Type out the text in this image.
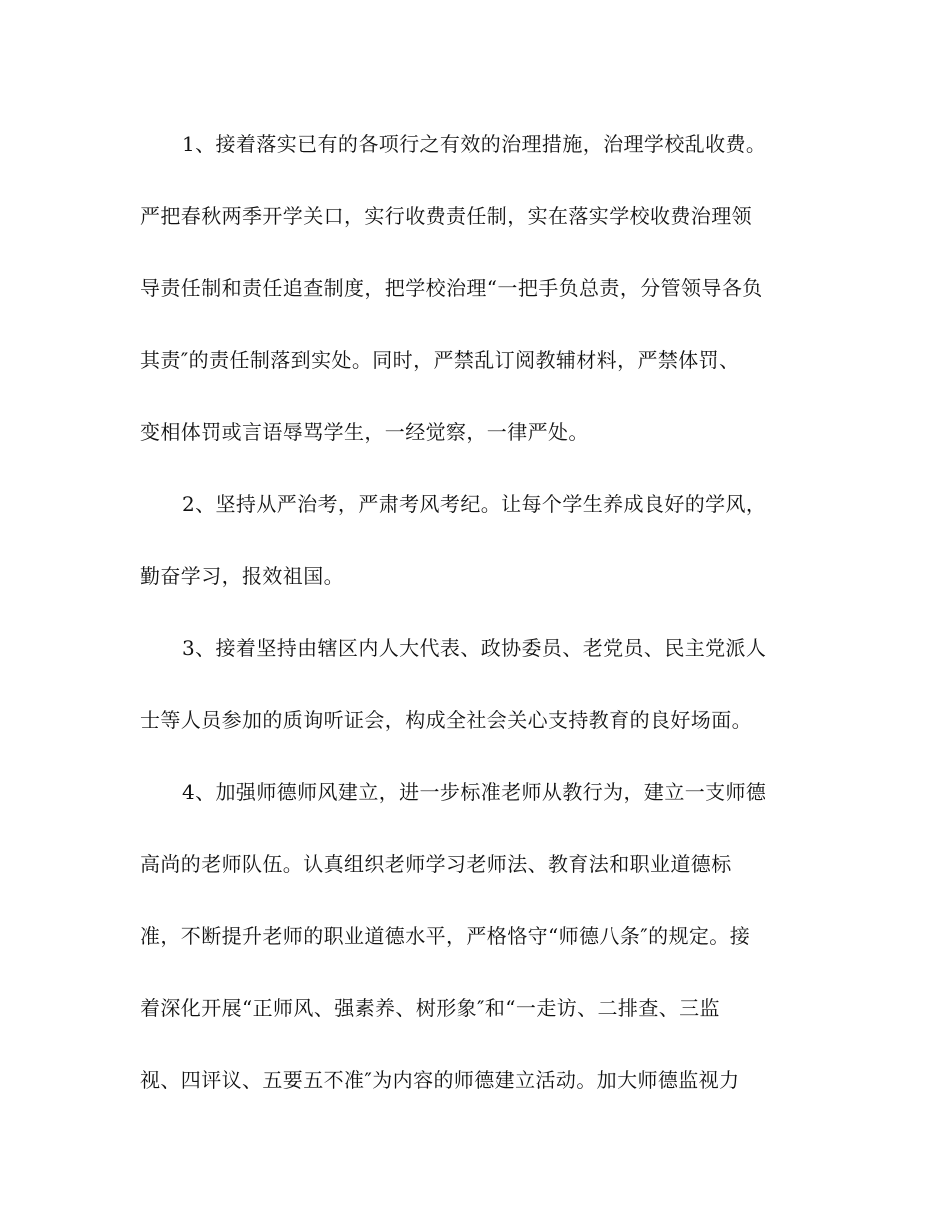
1、接着落实已有的各项行之有效的治理措施，治理学校乱收费。
严把春秋两季开学关口，实行收费责任制，实在落实学校收费治理领
导责任制和责任追查制度，把学校治理“一把手负总责，分管领导各负
其责″的责任制落到实处。同时，严禁乱订阅教辅材料，严禁体罚、
变相体罚或言语辱骂学生，一经觉察，一律严处。
2、坚持从严治考，严肃考风考纪。让每个学生养成良好的学风，
勤奋学习，报效祖国。
3、接着坚持由辖区内人大代表、政协委员、老党员、民主党派人
士等人员参加的质询听证会，构成全社会关心支持教育的良好场面。
4、加强师德师风建立，进一步标准老师从教行为，建立一支师德
高尚的老师队伍。认真组织老师学习老师法、教育法和职业道德标
准，不断提升老师的职业道德水平，严格恪守“师德八条″的规定。接
着深化开展“正师风、强素养、树形象″和“一走访、二排查、三监
视、四评议、五要五不准″为内容的师德建立活动。加大师德监视力
